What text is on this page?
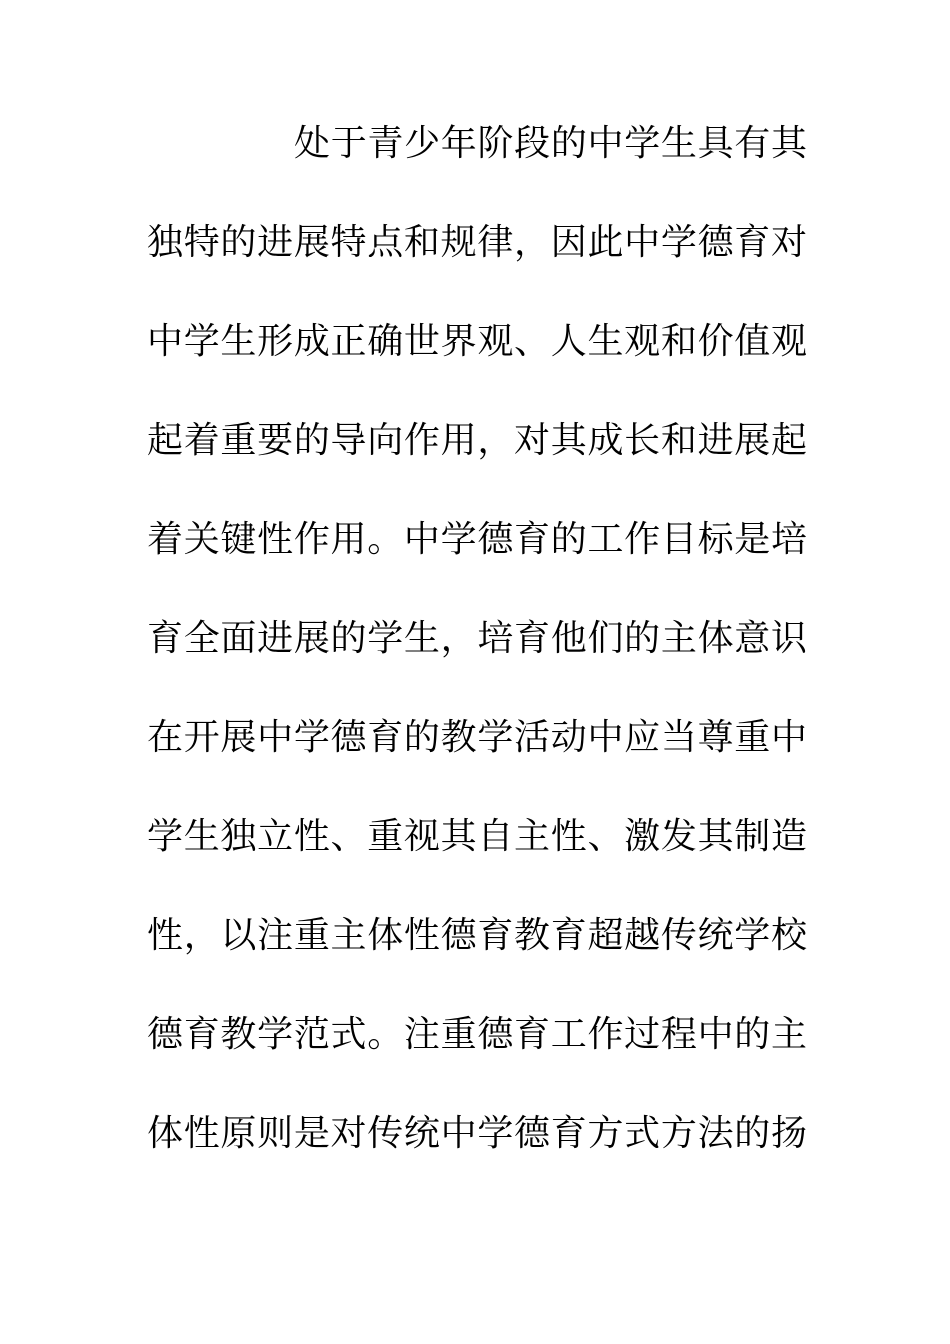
处于青少年阶段的中学生具有其
独特的进展特点和规律，因此中学德育对
中学生形成正确世界观、人生观和价值观
起着重要的导向作用，对其成长和进展起
着关键性作用。中学德育的工作目标是培
育全面进展的学生，培育他们的主体意识
在开展中学德育的教学活动中应当尊重中
学生独立性、重视其自主性、激发其制造
性，以注重主体性德育教育超越传统学校
德育教学范式。注重德育工作过程中的主
体性原则是对传统中学德育方式方法的扬
